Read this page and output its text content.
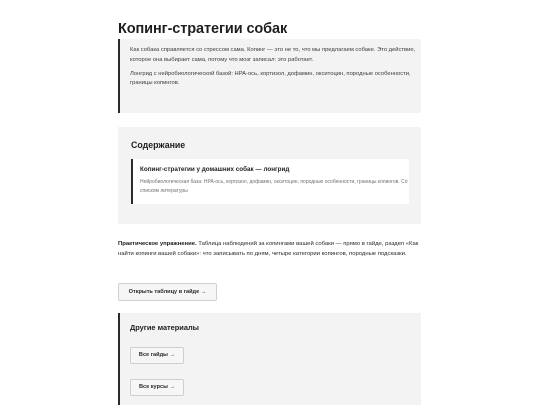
Копинг-стратегии собак

Как собака справляется со стрессом сама. Копинг — это не то, что мы предлагаем собаке. Это действие, которое она выбирает сама, потому что мозг записал: это работает.

Лонгрид с нейробиологической базой: HPA-ось, кортизол, дофамин, окситоцин, породные особенности, границы копингов.

Содержание
Копинг-стратегии у домашних собак — лонгрид

Нейробиологическая база: HPA-ось, кортизол, дофамин, окситоцин, породные особенности, границы копингов. Со списком литературы

Практическое упражнение. Таблица наблюдений за копингами вашей собаки — прямо в гайде, раздел «Как найти копинги вашей собаки»: что записывать по дням, четыре категории копингов, породные подсказки.

Открыть таблицу в гайде →
Другие материалы
Все гайды →
Все курсы →
